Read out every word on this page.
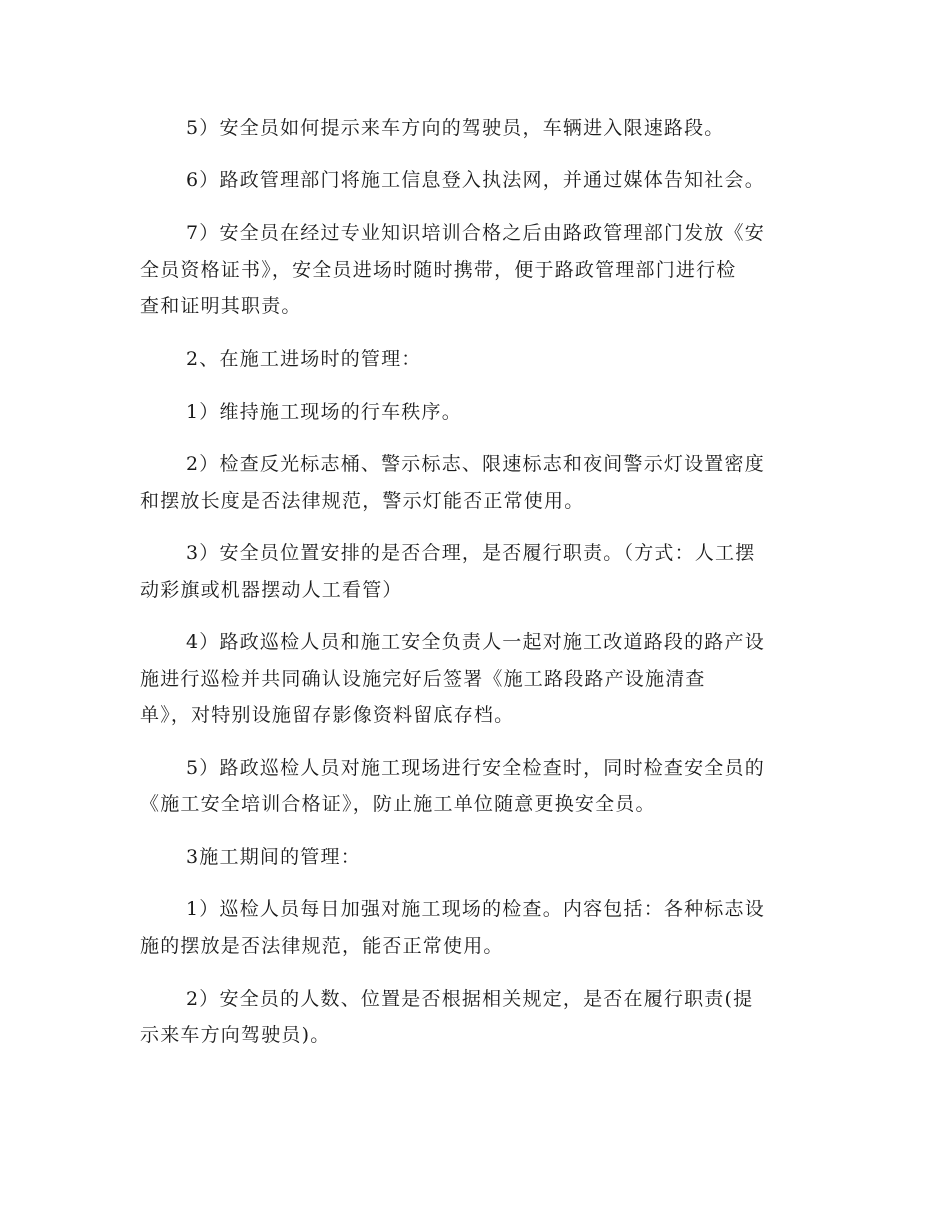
5）安全员如何提示来车方向的驾驶员，车辆进入限速路段。
6）路政管理部门将施工信息登入执法网，并通过媒体告知社会。
7）安全员在经过专业知识培训合格之后由路政管理部门发放《安
全员资格证书》，安全员进场时随时携带，便于路政管理部门进行检
查和证明其职责。
2、在施工进场时的管理：
1）维持施工现场的行车秩序。
2）检查反光标志桶、警示标志、限速标志和夜间警示灯设置密度
和摆放长度是否法律规范，警示灯能否正常使用。
3）安全员位置安排的是否合理，是否履行职责。（方式：人工摆
动彩旗或机器摆动人工看管）
4）路政巡检人员和施工安全负责人一起对施工改道路段的路产设
施进行巡检并共同确认设施完好后签署《施工路段路产设施清查
单》，对特别设施留存影像资料留底存档。
5）路政巡检人员对施工现场进行安全检查时，同时检查安全员的
《施工安全培训合格证》，防止施工单位随意更换安全员。
3施工期间的管理：
1）巡检人员每日加强对施工现场的检查。内容包括：各种标志设
施的摆放是否法律规范，能否正常使用。
2）安全员的人数、位置是否根据相关规定，是否在履行职责(提
示来车方向驾驶员)。
